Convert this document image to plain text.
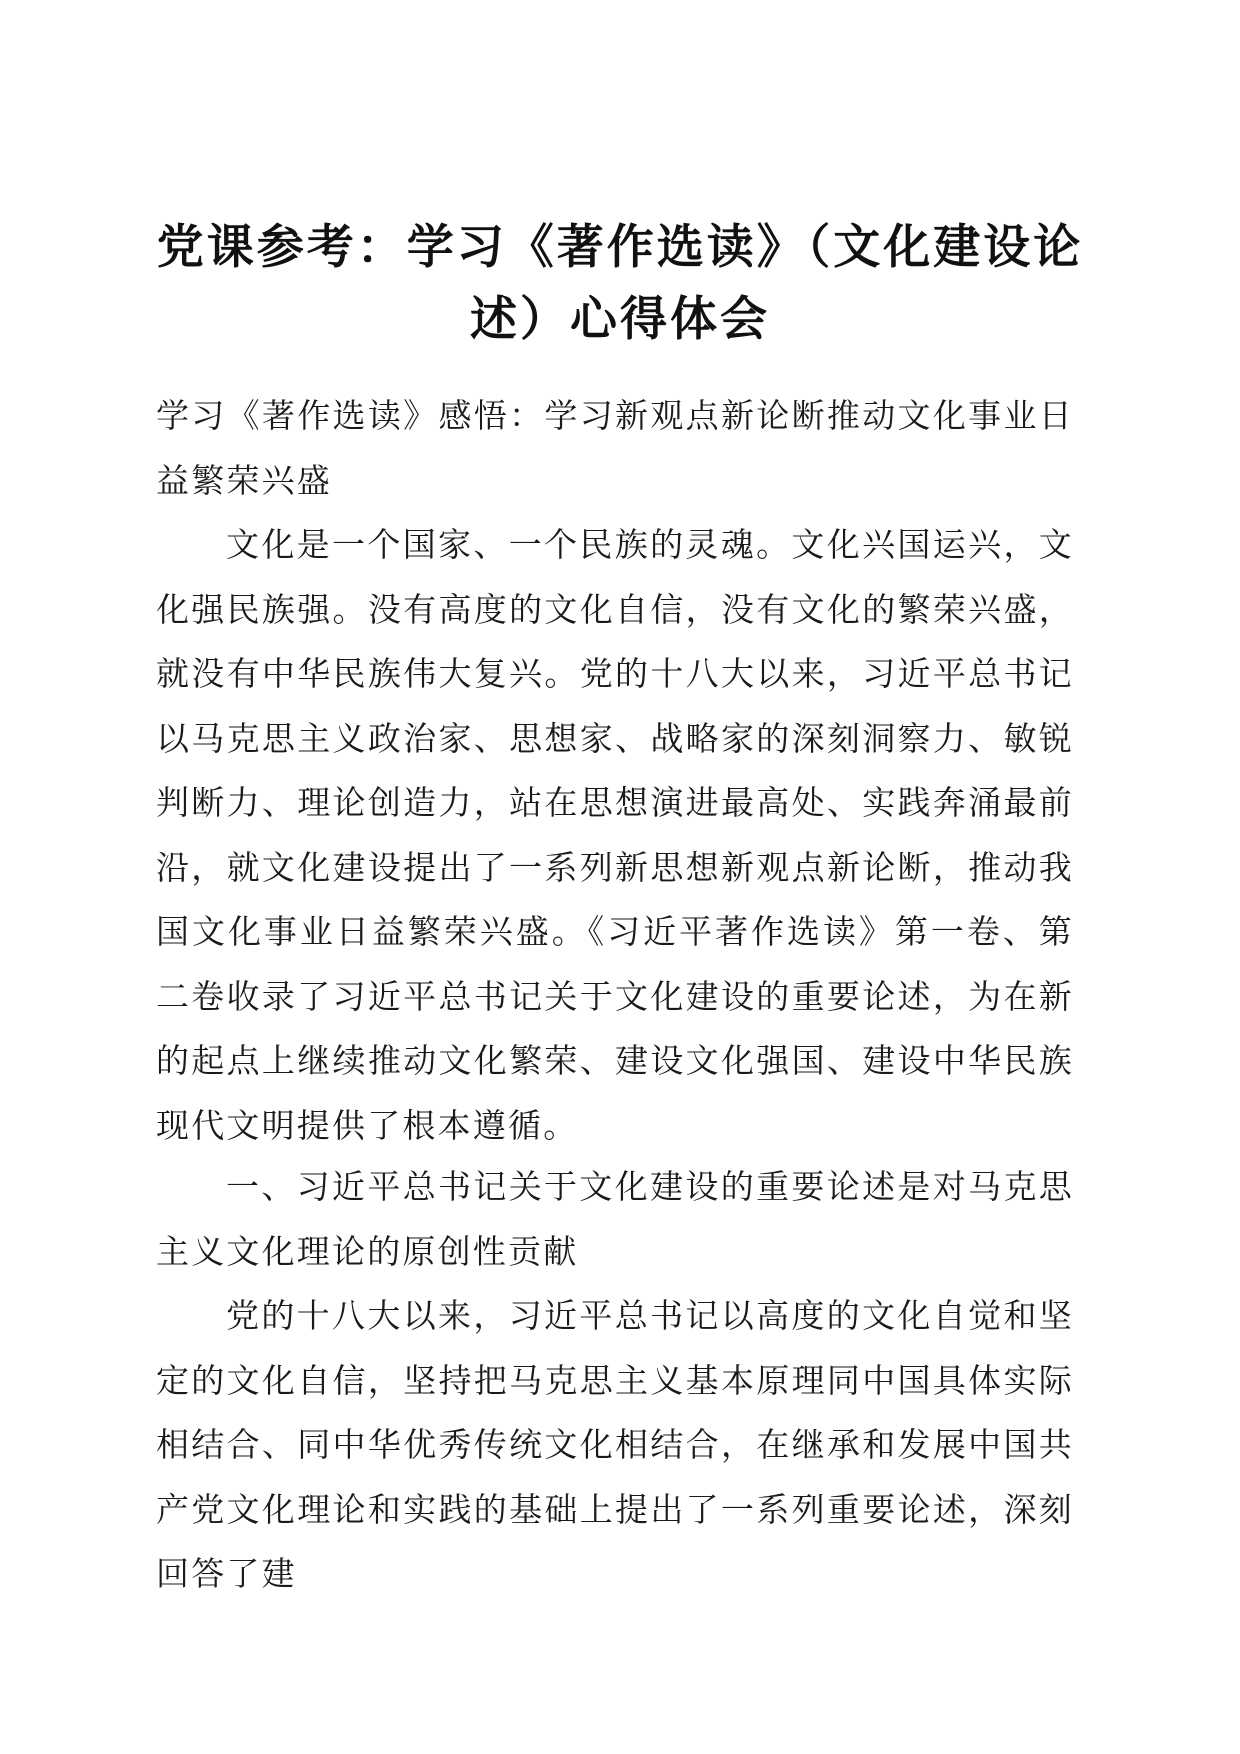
党课参考：学习《著作选读》（文化建设论述）心得体会

学习《著作选读》感悟：学习新观点新论断推动文化事业日益繁荣兴盛

文化是一个国家、一个民族的灵魂。文化兴国运兴，文化强民族强。没有高度的文化自信，没有文化的繁荣兴盛，就没有中华民族伟大复兴。党的十八大以来，习近平总书记以马克思主义政治家、思想家、战略家的深刻洞察力、敏锐判断力、理论创造力，站在思想演进最高处、实践奔涌最前沿，就文化建设提出了一系列新思想新观点新论断，推动我国文化事业日益繁荣兴盛。《习近平著作选读》第一卷、第二卷收录了习近平总书记关于文化建设的重要论述，为在新的起点上继续推动文化繁荣、建设文化强国、建设中华民族现代文明提供了根本遵循。

一、习近平总书记关于文化建设的重要论述是对马克思主义文化理论的原创性贡献

党的十八大以来，习近平总书记以高度的文化自觉和坚定的文化自信，坚持把马克思主义基本原理同中国具体实际相结合、同中华优秀传统文化相结合，在继承和发展中国共产党文化理论和实践的基础上提出了一系列重要论述，深刻回答了建
